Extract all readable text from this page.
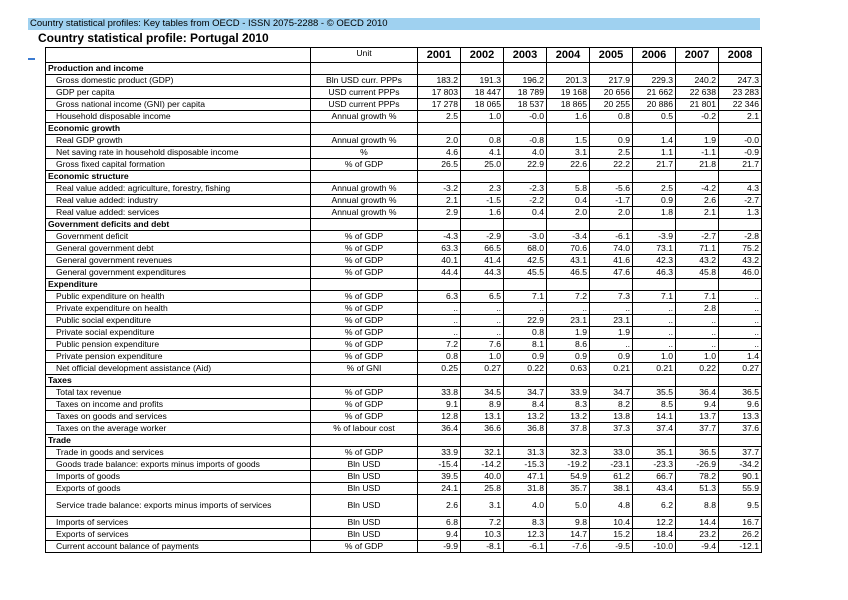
Country statistical profiles: Key tables from OECD - ISSN 2075-2288 - © OECD 2010
Country statistical profile: Portugal 2010
	Unit	2001	2002	2003	2004	2005	2006	2007	2008
Production and income									
Gross domestic product (GDP)	Bln USD curr. PPPs	183.2	191.3	196.2	201.3	217.9	229.3	240.2	247.3
GDP per capita	USD current PPPs	17 803	18 447	18 789	19 168	20 656	21 662	22 638	23 283
Gross national income (GNI) per capita	USD current PPPs	17 278	18 065	18 537	18 865	20 255	20 886	21 801	22 346
Household disposable income	Annual growth %	2.5	1.0	-0.0	1.6	0.8	0.5	-0.2	2.1
Economic growth									
Real GDP growth	Annual growth %	2.0	0.8	-0.8	1.5	0.9	1.4	1.9	-0.0
Net saving rate in household disposable income	%	4.6	4.1	4.0	3.1	2.5	1.1	-1.1	-0.9
Gross fixed capital formation	% of GDP	26.5	25.0	22.9	22.6	22.2	21.7	21.8	21.7
Economic structure									
Real value added: agriculture, forestry, fishing	Annual growth %	-3.2	2.3	-2.3	5.8	-5.6	2.5	-4.2	4.3
Real value added: industry	Annual growth %	2.1	-1.5	-2.2	0.4	-1.7	0.9	2.6	-2.7
Real value added: services	Annual growth %	2.9	1.6	0.4	2.0	2.0	1.8	2.1	1.3
Government deficits and debt									
Government deficit	% of GDP	-4.3	-2.9	-3.0	-3.4	-6.1	-3.9	-2.7	-2.8
General government debt	% of GDP	63.3	66.5	68.0	70.6	74.0	73.1	71.1	75.2
General government revenues	% of GDP	40.1	41.4	42.5	43.1	41.6	42.3	43.2	43.2
General government expenditures	% of GDP	44.4	44.3	45.5	46.5	47.6	46.3	45.8	46.0
Expenditure									
Public expenditure on health	% of GDP	6.3	6.5	7.1	7.2	7.3	7.1	7.1	..
Private expenditure on health	% of GDP	..	..	..	..	..	..	2.8	..
Public social expenditure	% of GDP	..	..	22.9	23.1	23.1	..	..	..
Private social expenditure	% of GDP	..	..	0.8	1.9	1.9	..	..	..
Public pension expenditure	% of GDP	7.2	7.6	8.1	8.6	..	..	..	..
Private pension expenditure	% of GDP	0.8	1.0	0.9	0.9	0.9	1.0	1.0	1.4
Net official development assistance (Aid)	% of GNI	0.25	0.27	0.22	0.63	0.21	0.21	0.22	0.27
Taxes									
Total tax revenue	% of GDP	33.8	34.5	34.7	33.9	34.7	35.5	36.4	36.5
Taxes on income and profits	% of GDP	9.1	8.9	8.4	8.3	8.2	8.5	9.4	9.6
Taxes on goods and services	% of GDP	12.8	13.1	13.2	13.2	13.8	14.1	13.7	13.3
Taxes on the average worker	% of labour cost	36.4	36.6	36.8	37.8	37.3	37.4	37.7	37.6
Trade									
Trade in goods and services	% of GDP	33.9	32.1	31.3	32.3	33.0	35.1	36.5	37.7
Goods trade balance: exports minus imports of goods	Bln USD	-15.4	-14.2	-15.3	-19.2	-23.1	-23.3	-26.9	-34.2
Imports of goods	Bln USD	39.5	40.0	47.1	54.9	61.2	66.7	78.2	90.1
Exports of goods	Bln USD	24.1	25.8	31.8	35.7	38.1	43.4	51.3	55.9
Service trade balance: exports minus imports of services	Bln USD	2.6	3.1	4.0	5.0	4.8	6.2	8.8	9.5
Imports of services	Bln USD	6.8	7.2	8.3	9.8	10.4	12.2	14.4	16.7
Exports of services	Bln USD	9.4	10.3	12.3	14.7	15.2	18.4	23.2	26.2
Current account balance of payments	% of GDP	-9.9	-8.1	-6.1	-7.6	-9.5	-10.0	-9.4	-12.1
